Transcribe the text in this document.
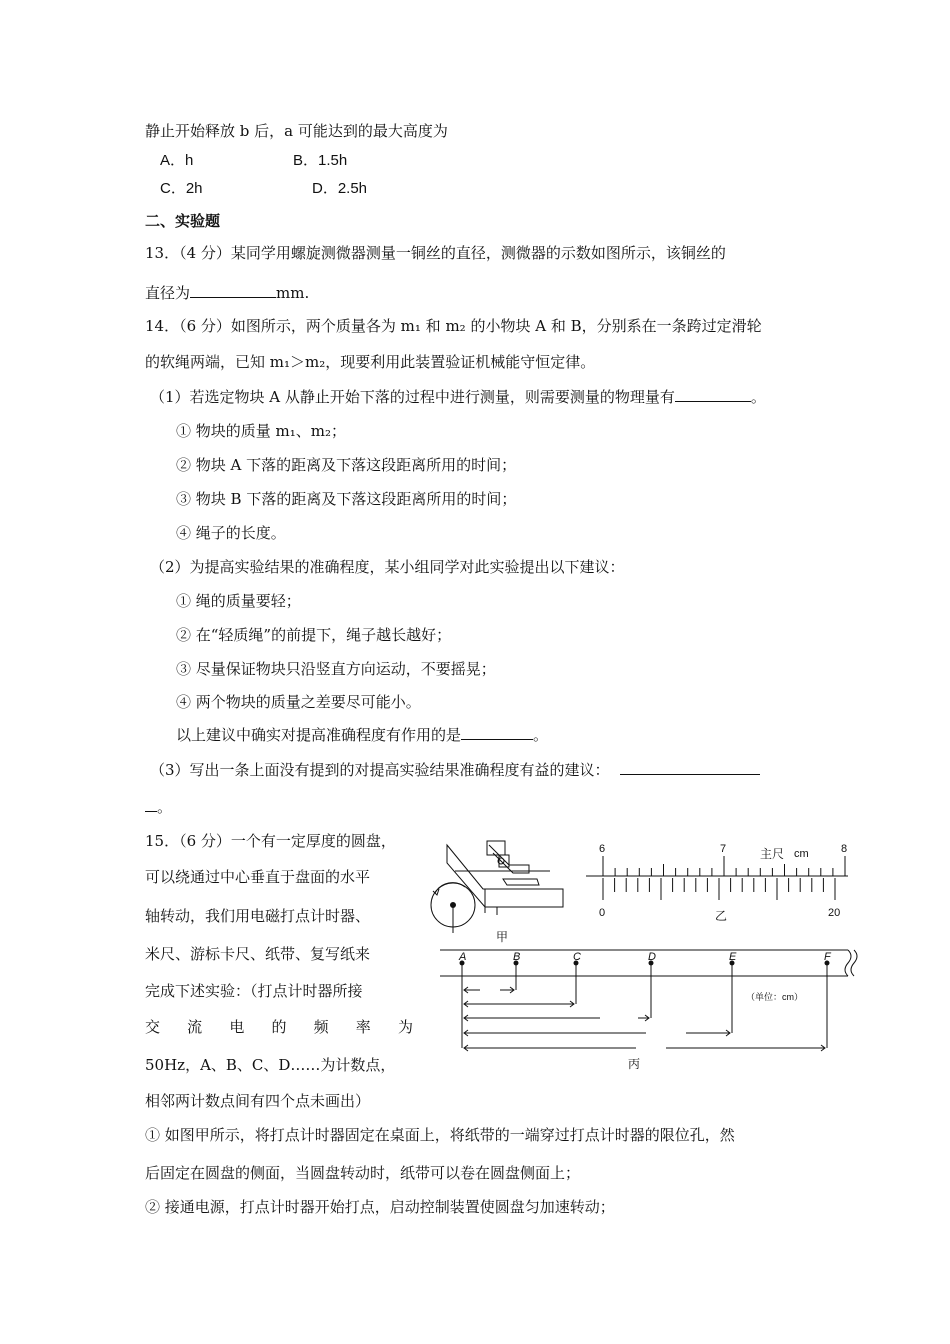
静止开始释放 b 后，a 可能达到的最大高度为
A．h	B．1.5h
C．2h	D．2.5h
二、实验题
13．（4 分）某同学用螺旋测微器测量一铜丝的直径，测微器的示数如图所示，该铜丝的
直径为	mm.
14．（6 分）如图所示，两个质量各为 m₁ 和 m₂ 的小物块 A 和 B，分别系在一条跨过定滑轮
的软绳两端，已知 m₁＞m₂，现要利用此装置验证机械能守恒定律。
（1）若选定物块 A 从静止开始下落的过程中进行测量，则需要测量的物理量有	。
① 物块的质量 m₁、m₂；
② 物块 A 下落的距离及下落这段距离所用的时间；
③ 物块 B 下落的距离及下落这段距离所用的时间；
④ 绳子的长度。
（2）为提高实验结果的准确程度，某小组同学对此实验提出以下建议：
① 绳的质量要轻；
② 在“轻质绳”的前提下，绳子越长越好；
③ 尽量保证物块只沿竖直方向运动，不要摇晃；
④ 两个物块的质量之差要尽可能小。
以上建议中确实对提高准确程度有作用的是	。
（3）写出一条上面没有提到的对提高实验结果准确程度有益的建议：
。
15．（6 分）一个有一定厚度的圆盘，
可以绕通过中心垂直于盘面的水平
轴转动，我们用电磁打点计时器、
米尺、游标卡尺、纸带、复写纸来
完成下述实验：（打点计时器所接
交 流 电 的 频 率 为
50Hz，A、B、C、D……为计数点，
相邻两计数点间有四个点未画出）
① 如图甲所示，将打点计时器固定在桌面上，将纸带的一端穿过打点计时器的限位孔，然
后固定在圆盘的侧面，当圆盘转动时，纸带可以卷在圆盘侧面上；
② 接通电源，打点计时器开始打点，启动控制装置使圆盘匀加速转动；
甲
6	7	8
主尺 cm
0	20
乙
A	B	C	D	E	F
（单位：cm）
丙
